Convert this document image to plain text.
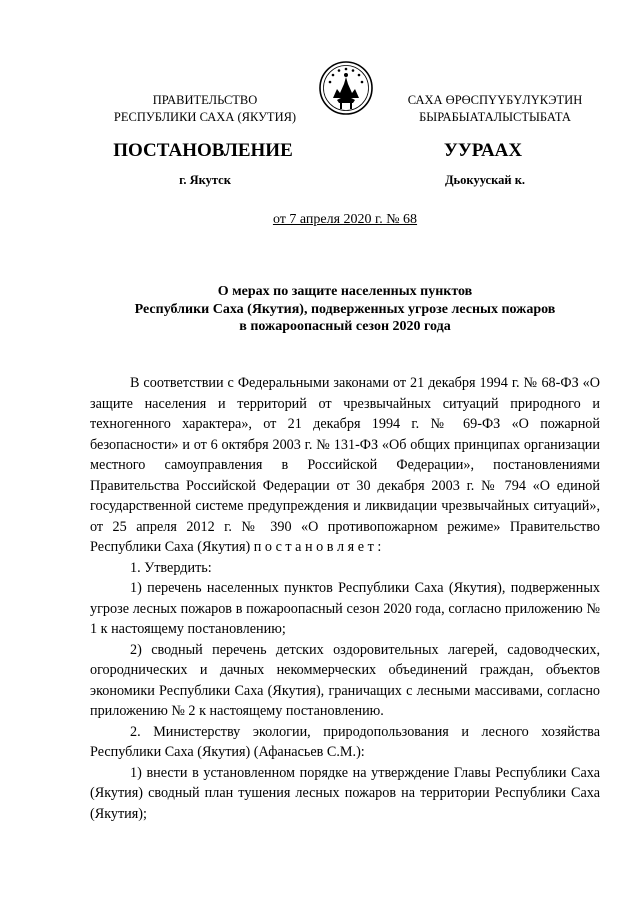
ПРАВИТЕЛЬСТВО
РЕСПУБЛИКИ САХА (ЯКУТИЯ)
САХА ӨРӨСПҮҮБҮЛҮКЭТИН
БЫРАБЫАТАЛЫСТЫБАТА
ПОСТАНОВЛЕНИЕ	УУРААХ
г. Якутск	Дьокуускай к.
от 7 апреля 2020 г. № 68
О мерах по защите населенных пунктов
Республики Саха (Якутия), подверженных угрозе лесных пожаров
в пожароопасный сезон 2020 года

В соответствии с Федеральными законами от 21 декабря 1994 г. № 68-ФЗ «О защите населения и территорий от чрезвычайных ситуаций природного и техногенного характера», от 21 декабря 1994 г. № 69-ФЗ «О пожарной безопасности» и от 6 октября 2003 г. № 131-ФЗ «Об общих принципах организации местного самоуправления в Российской Федерации», постановлениями Правительства Российской Федерации от 30 декабря 2003 г. № 794 «О единой государственной системе предупреждения и ликвидации чрезвычайных ситуаций», от 25 апреля 2012 г. № 390 «О противопожарном режиме» Правительство Республики Саха (Якутия) п о с т а н о в л я е т :

1. Утвердить:

1) перечень населенных пунктов Республики Саха (Якутия), подверженных угрозе лесных пожаров в пожароопасный сезон 2020 года, согласно приложению № 1 к настоящему постановлению;

2) сводный перечень детских оздоровительных лагерей, садоводческих, огороднических и дачных некоммерческих объединений граждан, объектов экономики Республики Саха (Якутия), граничащих с лесными массивами, согласно приложению № 2 к настоящему постановлению.

2. Министерству экологии, природопользования и лесного хозяйства Республики Саха (Якутия) (Афанасьев С.М.):

1) внести в установленном порядке на утверждение Главы Республики Саха (Якутия) сводный план тушения лесных пожаров на территории Республики Саха (Якутия);
